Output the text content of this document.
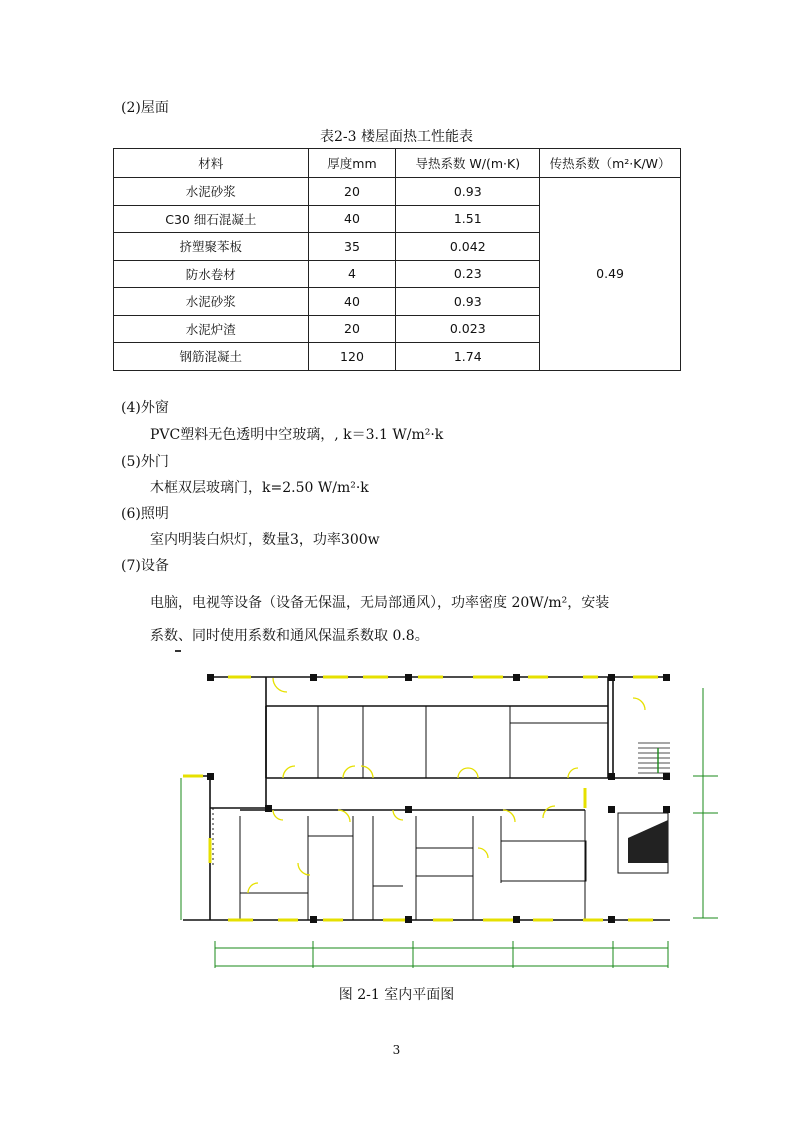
(2)屋面
表2-3 楼屋面热工性能表
材料	厚度mm	导热系数 W/(m·K)	传热系数（m²·K/W）
水泥砂浆	20	0.93	0.49
C30 细石混凝土	40	1.51	
挤塑聚苯板	35	0.042	
防水卷材	4	0.23	
水泥砂浆	40	0.93	
水泥炉渣	20	0.023	
钢筋混凝土	120	1.74	
(4)外窗
PVC塑料无色透明中空玻璃，, k＝3.1 W/m²·k
(5)外门
木框双层玻璃门，k=2.50 W/m²·k
(6)照明
室内明装白炽灯，数量3，功率300w
(7)设备
电脑，电视等设备（设备无保温，无局部通风），功率密度 20W/m²，安装
系数、同时使用系数和通风保温系数取 0.8。
图 2-1 室内平面图
3
